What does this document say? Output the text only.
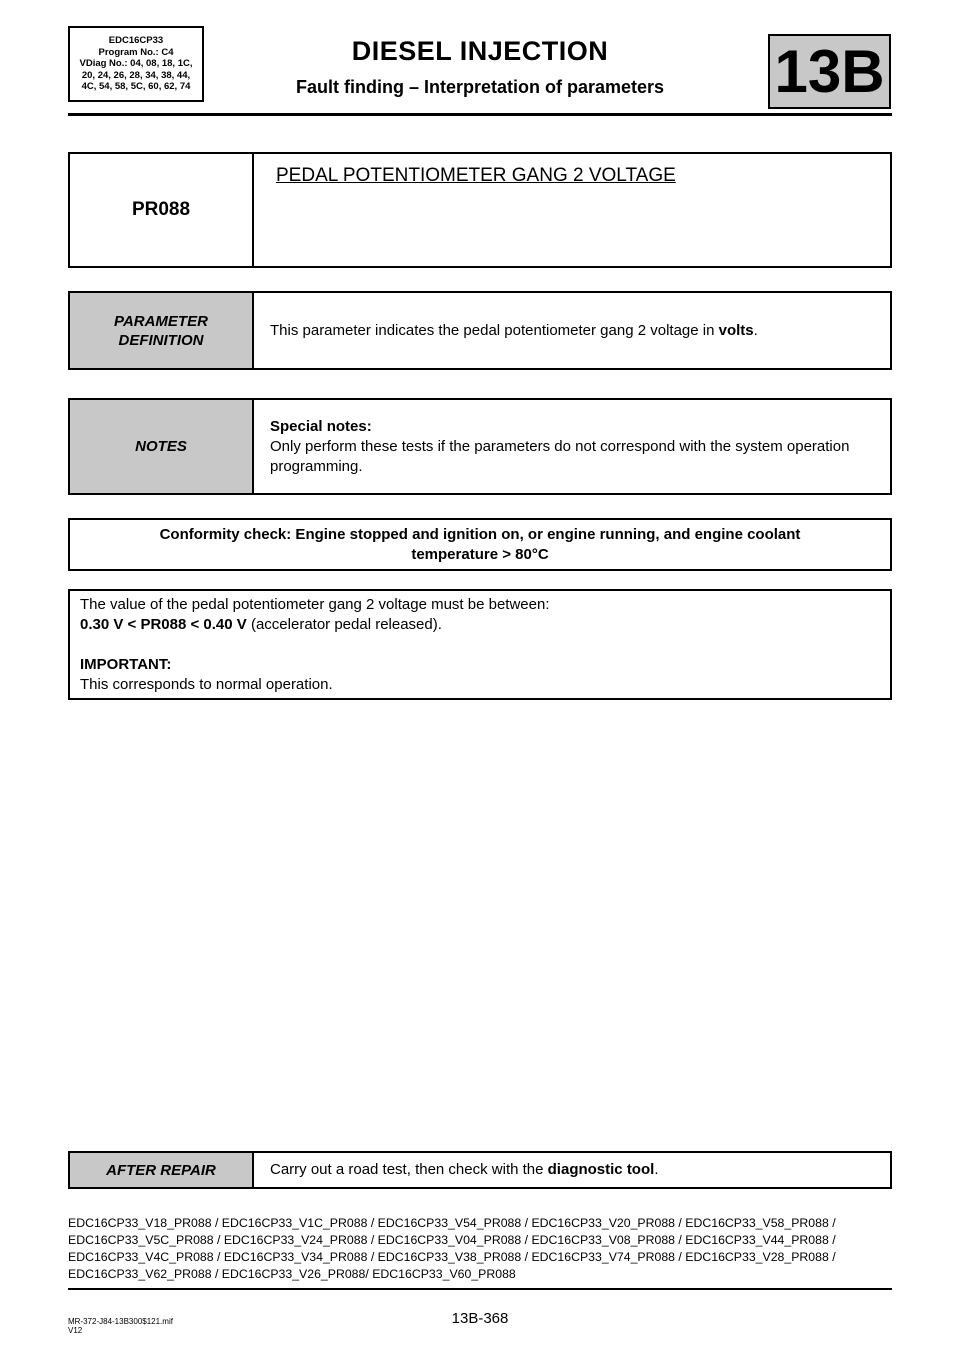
EDC16CP33
Program No.: C4
VDiag No.: 04, 08, 18, 1C,
20, 24, 26, 28, 34, 38, 44,
4C, 54, 58, 5C, 60, 62, 74
DIESEL INJECTION
Fault finding – Interpretation of parameters	13B
PR088
PEDAL POTENTIOMETER GANG 2 VOLTAGE
PARAMETER
DEFINITION
This parameter indicates the pedal potentiometer gang 2 voltage in volts.
NOTES
Special notes:
Only perform these tests if the parameters do not correspond with the system operation programming.
Conformity check: Engine stopped and ignition on, or engine running, and engine coolant
temperature > 80°C
The value of the pedal potentiometer gang 2 voltage must be between:
0.30 V < PR088 < 0.40 V (accelerator pedal released).
IMPORTANT:
This corresponds to normal operation.
AFTER REPAIR	Carry out a road test, then check with the diagnostic tool.
EDC16CP33_V18_PR088 / EDC16CP33_V1C_PR088 / EDC16CP33_V54_PR088 / EDC16CP33_V20_PR088 / EDC16CP33_V58_PR088 /
EDC16CP33_V5C_PR088 / EDC16CP33_V24_PR088 / EDC16CP33_V04_PR088 / EDC16CP33_V08_PR088 / EDC16CP33_V44_PR088 /
EDC16CP33_V4C_PR088 / EDC16CP33_V34_PR088 / EDC16CP33_V38_PR088 / EDC16CP33_V74_PR088 / EDC16CP33_V28_PR088 /
EDC16CP33_V62_PR088 / EDC16CP33_V26_PR088/ EDC16CP33_V60_PR088
MR-372-J84-13B300$121.mif
V12
13B-368
